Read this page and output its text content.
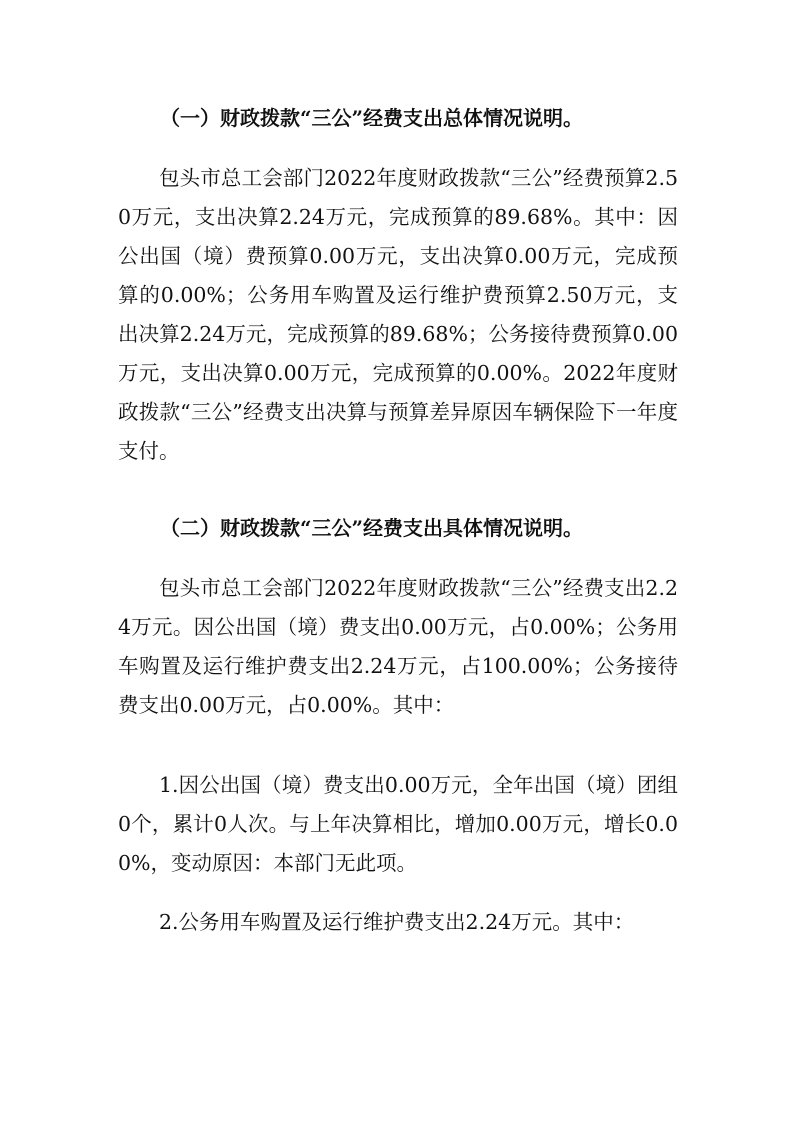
（一）财政拨款“三公”经费支出总体情况说明。
包头市总工会部门2022年度财政拨款“三公”经费预算2.50万元，支出决算2.24万元，完成预算的89.68%。其中：因公出国（境）费预算0.00万元，支出决算0.00万元，完成预算的0.00%；公务用车购置及运行维护费预算2.50万元，支出决算2.24万元，完成预算的89.68%；公务接待费预算0.00万元，支出决算0.00万元，完成预算的0.00%。2022年度财政拨款“三公”经费支出决算与预算差异原因车辆保险下一年度支付。
（二）财政拨款“三公”经费支出具体情况说明。
包头市总工会部门2022年度财政拨款“三公”经费支出2.24万元。因公出国（境）费支出0.00万元，占0.00%；公务用车购置及运行维护费支出2.24万元，占100.00%；公务接待费支出0.00万元，占0.00%。其中：
1.因公出国（境）费支出0.00万元，全年出国（境）团组0个，累计0人次。与上年决算相比，增加0.00万元，增长0.00%，变动原因：本部门无此项。
2.公务用车购置及运行维护费支出2.24万元。其中：
